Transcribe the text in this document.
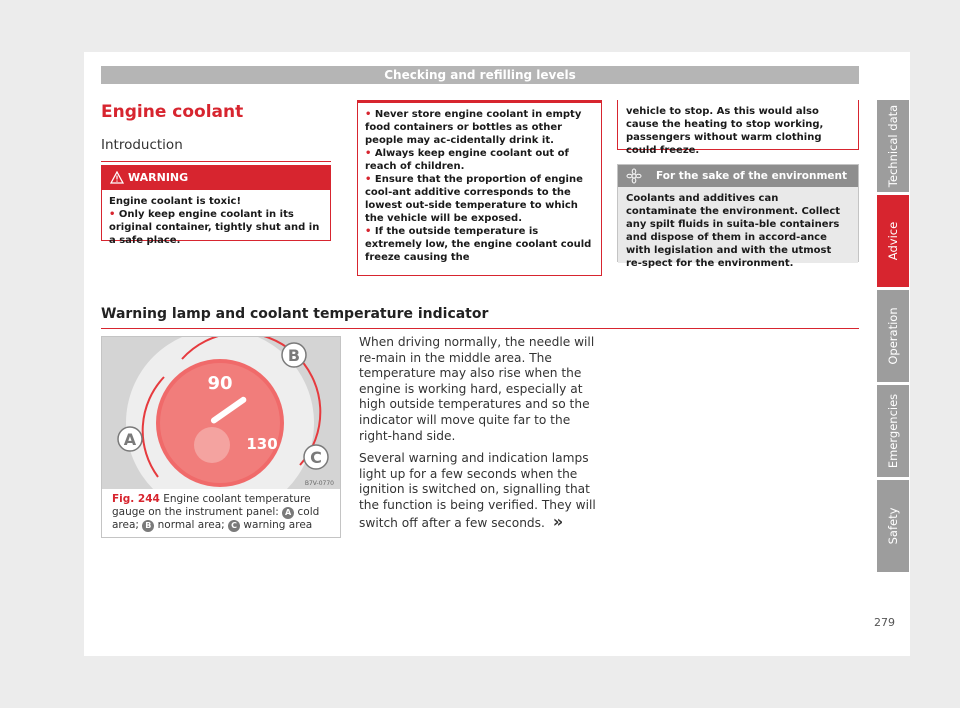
Checking and refilling levels
Engine coolant
Introduction
WARNING
Engine coolant is toxic!
• Only keep engine coolant in its original container, tightly shut and in a safe place.
• Never store engine coolant in empty food containers or bottles as other people may ac-cidentally drink it.
• Always keep engine coolant out of reach of children.
• Ensure that the proportion of engine cool-ant additive corresponds to the lowest out-side temperature to which the vehicle will be exposed.
• If the outside temperature is extremely low, the engine coolant could freeze causing the
vehicle to stop. As this would also cause the heating to stop working, passengers without warm clothing could freeze.
For the sake of the environment
Coolants and additives can contaminate the environment. Collect any spilt fluids in suita-ble containers and dispose of them in accord-ance with legislation and with the utmost re-spect for the environment.
Warning lamp and coolant temperature indicator
90
130
B
A
C
B7V-0770
Fig. 244 Engine coolant temperature gauge on the instrument panel: A cold area; B normal area; C warning area

When driving normally, the needle will re-main in the middle area. The temperature may also rise when the engine is working hard, especially at high outside temperatures and so the indicator will move quite far to the right-hand side.

Several warning and indication lamps light up for a few seconds when the ignition is switched on, signalling that the function is being verified. They will switch off after a few seconds. »

Technical data
Advice
Operation
Emergencies
Safety
279
